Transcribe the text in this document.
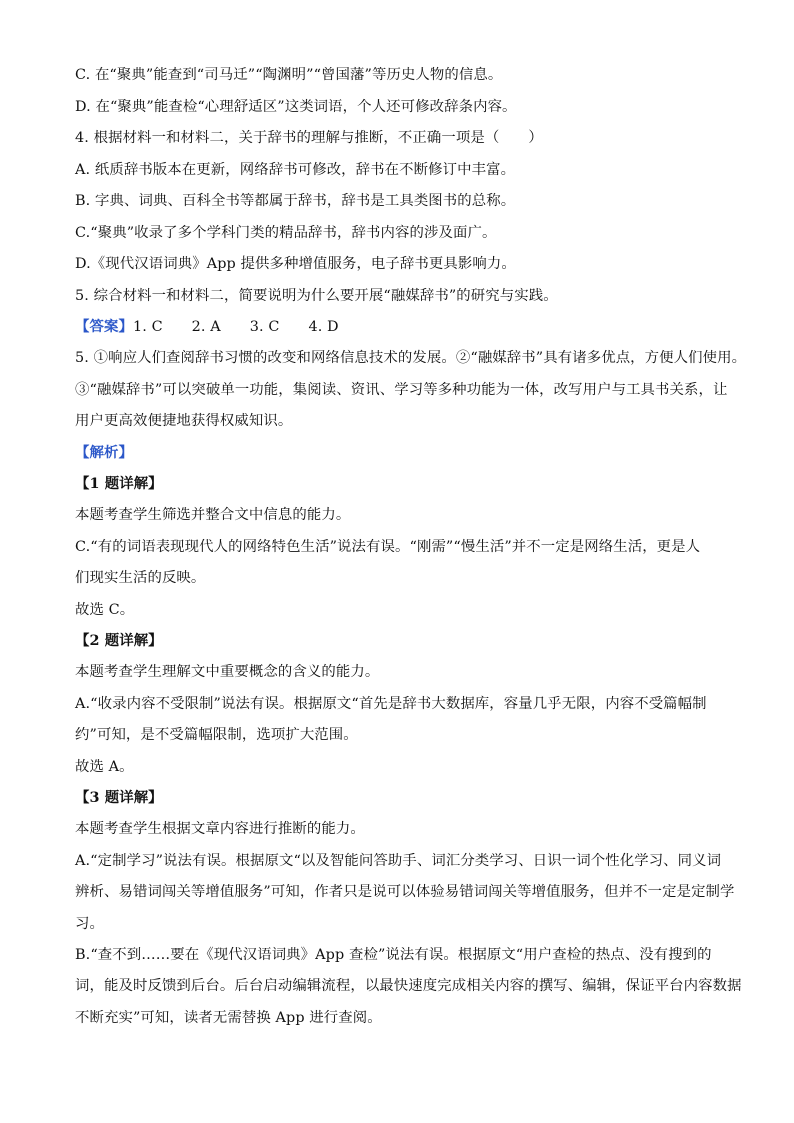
C. 在“聚典”能查到“司马迁”“陶渊明”“曾国藩”等历史人物的信息。
D. 在“聚典”能查检“心理舒适区”这类词语，个人还可修改辞条内容。
4. 根据材料一和材料二，关于辞书的理解与推断，不正确一项是（　　）
A. 纸质辞书版本在更新，网络辞书可修改，辞书在不断修订中丰富。
B. 字典、词典、百科全书等都属于辞书，辞书是工具类图书的总称。
C.“聚典”收录了多个学科门类的精品辞书，辞书内容的涉及面广。
D.《现代汉语词典》App 提供多种增值服务，电子辞书更具影响力。
5. 综合材料一和材料二，简要说明为什么要开展“融媒辞书”的研究与实践。
【答案】1. C　　2. A　　3. C　　4. D
5. ①响应人们查阅辞书习惯的改变和网络信息技术的发展。②“融媒辞书”具有诸多优点，方便人们使用。
③“融媒辞书”可以突破单一功能，集阅读、资讯、学习等多种功能为一体，改写用户与工具书关系，让
用户更高效便捷地获得权威知识。
【解析】
【1 题详解】
本题考查学生筛选并整合文中信息的能力。
C.“有的词语表现现代人的网络特色生活”说法有误。“刚需”“慢生活”并不一定是网络生活，更是人
们现实生活的反映。
故选 C。
【2 题详解】
本题考查学生理解文中重要概念的含义的能力。
A.“收录内容不受限制”说法有误。根据原文“首先是辞书大数据库，容量几乎无限，内容不受篇幅制
约”可知，是不受篇幅限制，选项扩大范围。
故选 A。
【3 题详解】
本题考查学生根据文章内容进行推断的能力。
A.“定制学习”说法有误。根据原文“以及智能问答助手、词汇分类学习、日识一词个性化学习、同义词
辨析、易错词闯关等增值服务”可知，作者只是说可以体验易错词闯关等增值服务，但并不一定是定制学
习。
B.“查不到……要在《现代汉语词典》App 查检”说法有误。根据原文“用户查检的热点、没有搜到的
词，能及时反馈到后台。后台启动编辑流程，以最快速度完成相关内容的撰写、编辑，保证平台内容数据
不断充实”可知，读者无需替换 App 进行查阅。
